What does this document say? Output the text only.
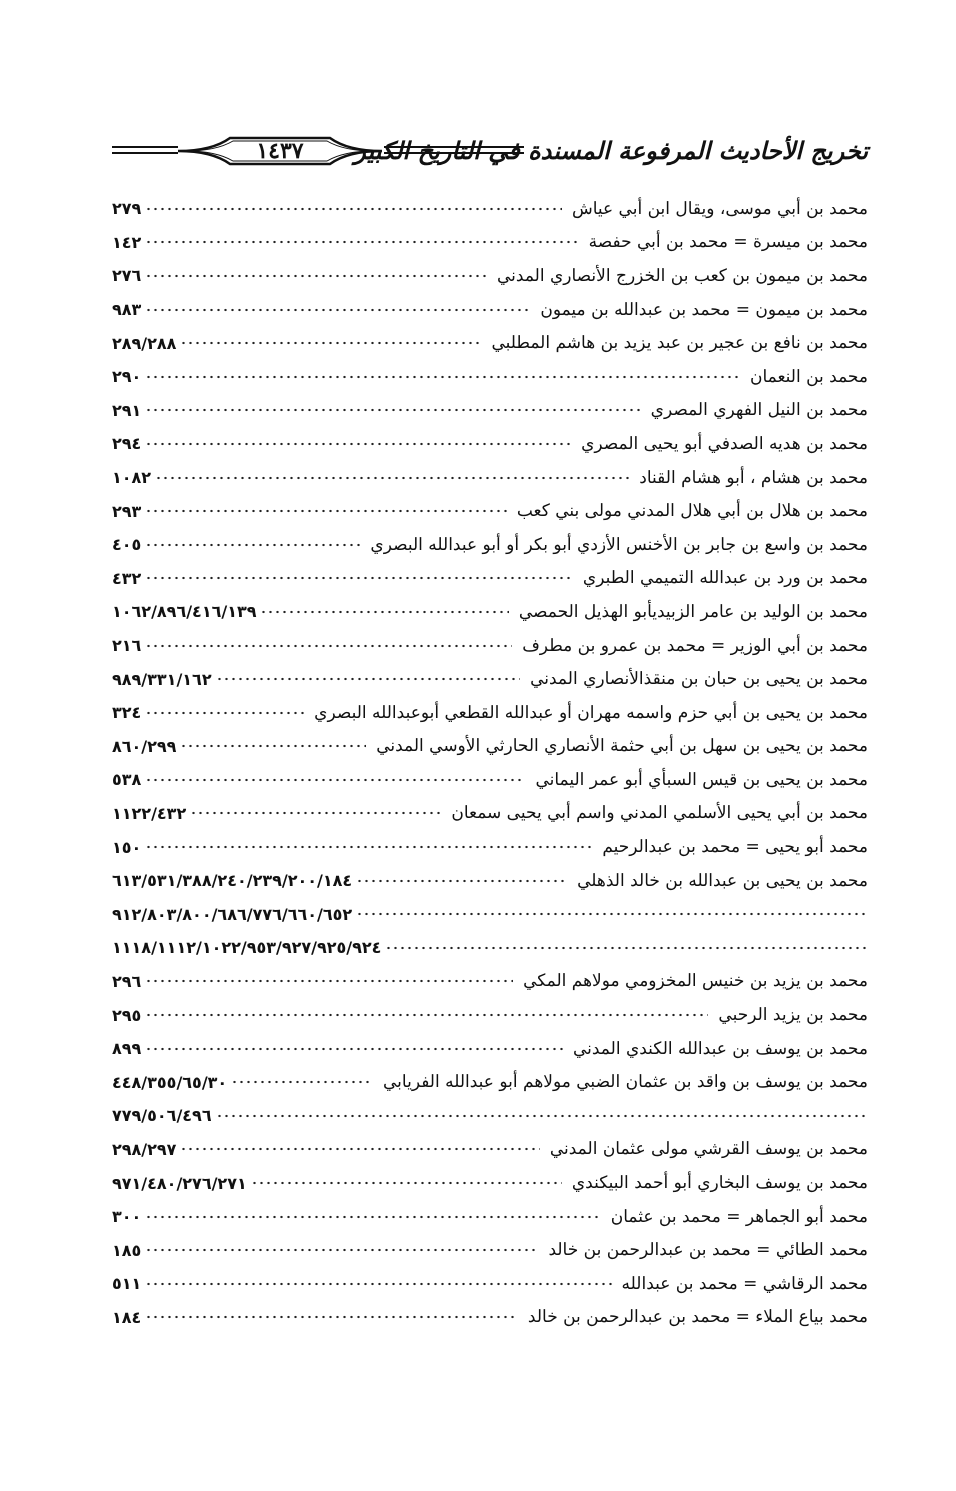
١٤٣٧	تخريج الأحاديث المرفوعة المسندة في التاريخ الكبير
محمد بن أبي موسى، ويقال ابن أبي عياش
٢٧٩
محمد بن ميسرة = محمد بن أبي حفصة
١٤٢
محمد بن ميمون بن كعب بن الخزرج الأنصاري المدني
٢٧٦
محمد بن ميمون = محمد بن عبدالله بن ميمون
٩٨٣
محمد بن نافع بن عجير بن عبد يزيد بن هاشم المطلبي
٢٨٩/٢٨٨
محمد بن النعمان
٢٩٠
محمد بن النيل الفهري المصري
٢٩١
محمد بن هديه الصدفي أبو يحيى المصري
٢٩٤
محمد بن هشام ، أبو هشام القناد
١٠٨٢
محمد بن هلال بن أبي هلال المدني مولى بني كعب
٢٩٣
محمد بن واسع بن جابر بن الأخنس الأزدي أبو بكر أو أبو عبدالله البصري
٤٠٥
محمد بن ورد بن عبدالله التميمي الطبري
٤٣٢
محمد بن الوليد بن عامر الزبيديأبو الهذيل الحمصي
١٠٦٢/٨٩٦/٤١٦/١٣٩
محمد بن أبي الوزير = محمد بن عمرو بن مطرف
٢١٦
محمد بن يحيى بن حبان بن منقذالأنصاري المدني
٩٨٩/٣٣١/١٦٢
محمد بن يحيى بن أبي حزم واسمه مهران أو عبدالله القطعي أبوعبدالله البصري
٣٢٤
محمد بن يحيى بن سهل بن أبي حثمة الأنصاري الحارثي الأوسي المدني
٨٦٠/٢٩٩
محمد بن يحيى بن قيس السبأي أبو عمر اليماني
٥٣٨
محمد بن أبي يحيى الأسلمي المدني واسم أبي يحيى سمعان
١١٢٢/٤٣٢
محمد أبو يحيى = محمد بن عبدالرحيم
١٥٠
محمد بن يحيى بن عبدالله بن خالد الذهلي
٦١٣/٥٣١/٣٨٨/٢٤٠/٢٣٩/٢٠٠/١٨٤
٩١٢/٨٠٣/٨٠٠/٦٨٦/٧٧٦/٦٦٠/٦٥٢
١١١٨/١١١٢/١٠٢٢/٩٥٣/٩٢٧/٩٢٥/٩٢٤
محمد بن يزيد بن خنيس المخزومي مولاهم المكي
٢٩٦
محمد بن يزيد الرحبي
٢٩٥
محمد بن يوسف بن عبدالله الكندي المدني
٨٩٩
محمد بن يوسف بن واقد بن عثمان الضبي مولاهم أبو عبدالله الفريابي
٤٤٨/٣٥٥/٦٥/٣٠
٧٧٩/٥٠٦/٤٩٦
محمد بن يوسف القرشي مولى عثمان المدني
٢٩٨/٢٩٧
محمد بن يوسف البخاري أبو أحمد البيكندي
٩٧١/٤٨٠/٢٧٦/٢٧١
محمد أبو الجماهر = محمد بن عثمان
٣٠٠
محمد الطائي = محمد بن عبدالرحمن بن خالد
١٨٥
محمد الرقاشي = محمد بن عبدالله
٥١١
محمد بياع الملاء = محمد بن عبدالرحمن بن خالد
١٨٤
